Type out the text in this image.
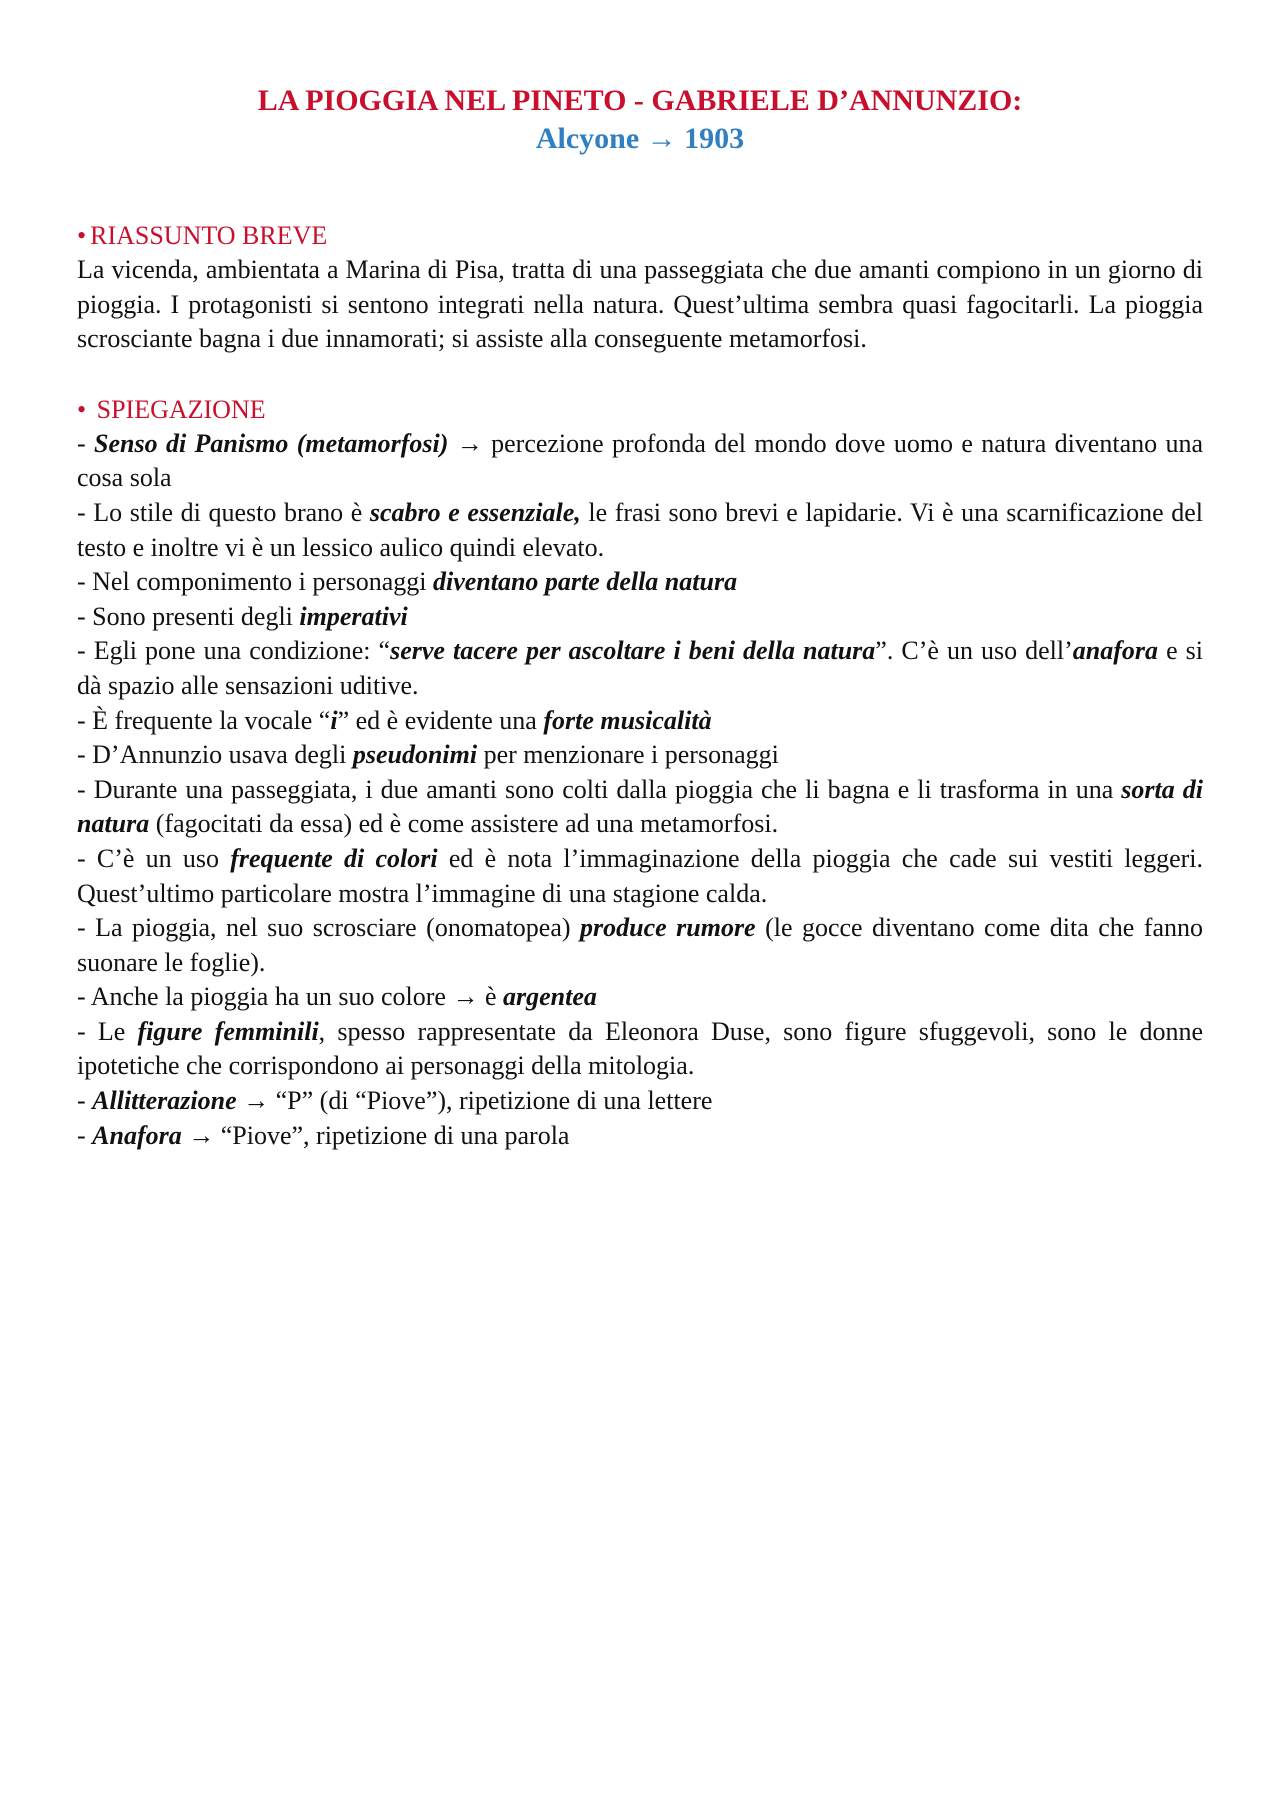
LA PIOGGIA NEL PINETO - GABRIELE D’ANNUNZIO:
Alcyone → 1903

• RIASSUNTO BREVE

La vicenda, ambientata a Marina di Pisa, tratta di una passeggiata che due amanti compiono in un giorno di pioggia. I protagonisti si sentono integrati nella natura. Quest’ultima sembra quasi fagocitarli. La pioggia scrosciante bagna i due innamorati; si assiste alla conseguente metamorfosi.

• SPIEGAZIONE

- Senso di Panismo (metamorfosi) → percezione profonda del mondo dove uomo e natura diventano una cosa sola

- Lo stile di questo brano è scabro e essenziale, le frasi sono brevi e lapidarie. Vi è una scarnificazione del testo e inoltre vi è un lessico aulico quindi elevato.

- Nel componimento i personaggi diventano parte della natura

- Sono presenti degli imperativi

- Egli pone una condizione: “serve tacere per ascoltare i beni della natura”. C’è un uso dell’anafora e si dà spazio alle sensazioni uditive.

- È frequente la vocale “i” ed è evidente una forte musicalità

- D’Annunzio usava degli pseudonimi per menzionare i personaggi

- Durante una passeggiata, i due amanti sono colti dalla pioggia che li bagna e li trasforma in una sorta di natura (fagocitati da essa) ed è come assistere ad una metamorfosi.

- C’è un uso frequente di colori ed è nota l’immaginazione della pioggia che cade sui vestiti leggeri. Quest’ultimo particolare mostra l’immagine di una stagione calda.

- La pioggia, nel suo scrosciare (onomatopea) produce rumore (le gocce diventano come dita che fanno suonare le foglie).

- Anche la pioggia ha un suo colore → è argentea

- Le figure femminili, spesso rappresentate da Eleonora Duse, sono figure sfuggevoli, sono le donne ipotetiche che corrispondono ai personaggi della mitologia.

- Allitterazione → “P” (di “Piove”), ripetizione di una lettere

- Anafora → “Piove”, ripetizione di una parola
